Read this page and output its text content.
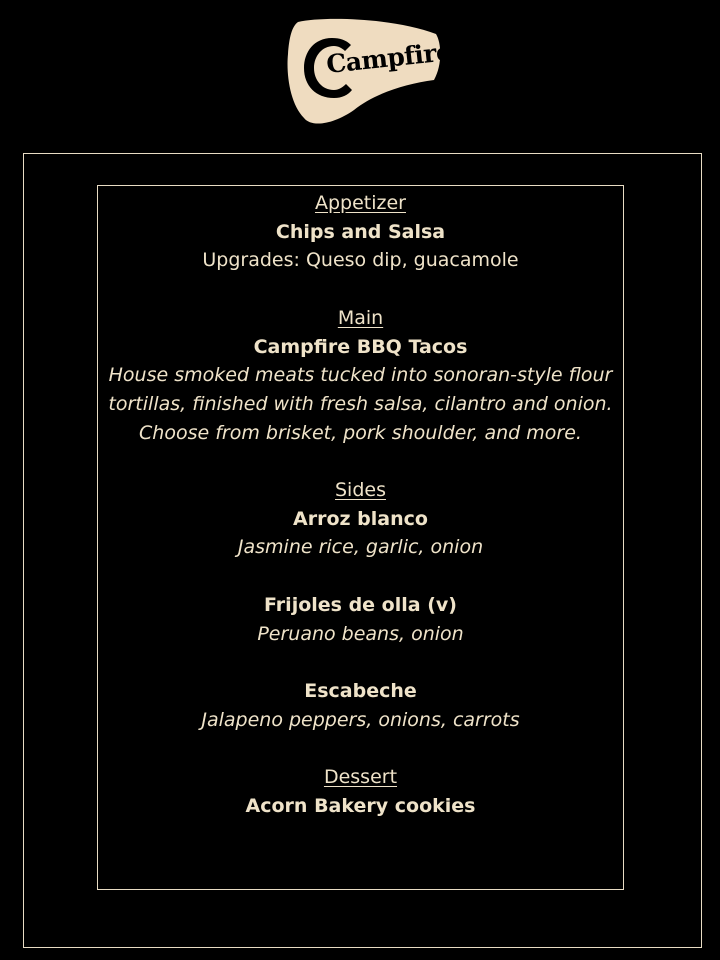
Campfire
Appetizer
Chips and Salsa
Upgrades: Queso dip, guacamole
Main
Campfire BBQ Tacos
House smoked meats tucked into sonoran-style flour tortillas, finished with fresh salsa, cilantro and onion. Choose from brisket, pork shoulder, and more.
Sides
Arroz blanco
Jasmine rice, garlic, onion
Frijoles de olla (v)
Peruano beans, onion
Escabeche
Jalapeno peppers, onions, carrots
Dessert
Acorn Bakery cookies
